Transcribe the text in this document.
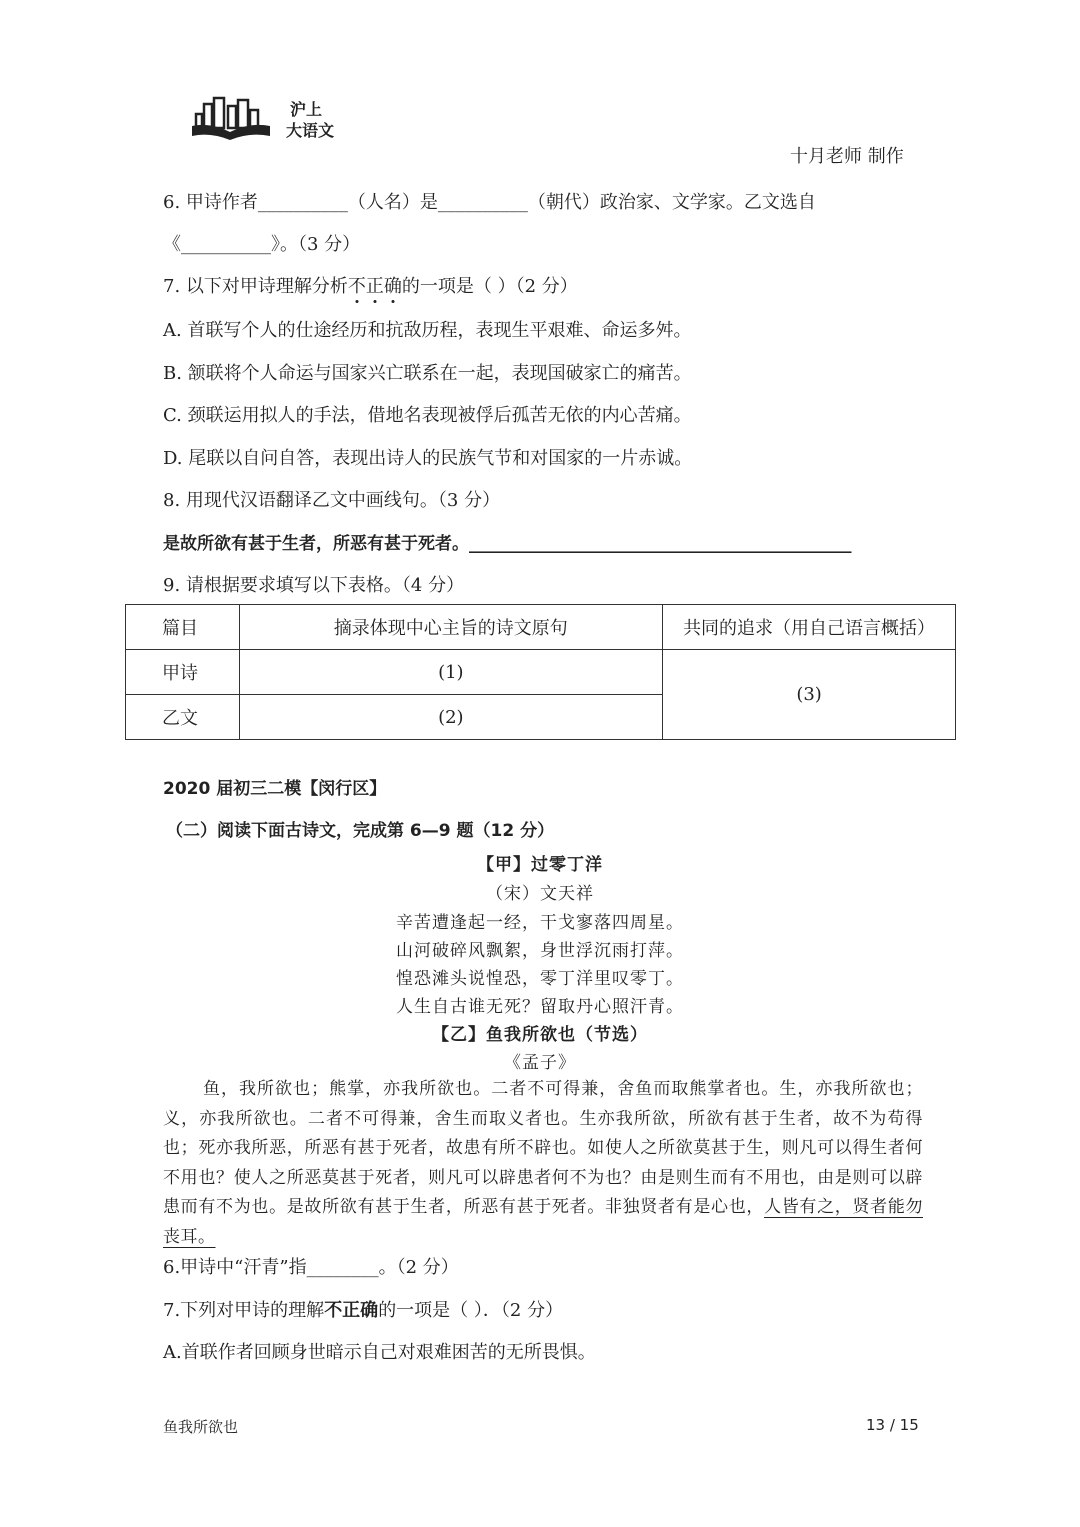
沪上
大语文
十月老师 制作
6. 甲诗作者__________（人名）是__________（朝代）政治家、文学家。乙文选自
《__________》。（3 分）
7. 以下对甲诗理解分析不正确的一项是（ ）（2 分）
A. 首联写个人的仕途经历和抗敌历程，表现生平艰难、命运多舛。
B. 颔联将个人命运与国家兴亡联系在一起，表现国破家亡的痛苦。
C. 颈联运用拟人的手法，借地名表现被俘后孤苦无依的内心苦痛。
D. 尾联以自问自答，表现出诗人的民族气节和对国家的一片赤诚。
8. 用现代汉语翻译乙文中画线句。（3 分）
是故所欲有甚于生者，所恶有甚于死者。_____________________________________________
9. 请根据要求填写以下表格。（4 分）
篇目	摘录体现中心主旨的诗文原句	共同的追求（用自己语言概括）
甲诗	(1)	(3)
乙文	(2)	
2020 届初三二模【闵行区】
（二）阅读下面古诗文，完成第 6—9 题（12 分）
【甲】过零丁洋
（宋）文天祥
辛苦遭逢起一经，干戈寥落四周星。
山河破碎风飘絮，身世浮沉雨打萍。
惶恐滩头说惶恐，零丁洋里叹零丁。
人生自古谁无死？留取丹心照汗青。
【乙】鱼我所欲也（节选）
《孟子》
鱼，我所欲也；熊掌，亦我所欲也。二者不可得兼，舍鱼而取熊掌者也。生，亦我所欲也；义，亦我所欲也。二者不可得兼，舍生而取义者也。生亦我所欲，所欲有甚于生者，故不为苟得也；死亦我所恶，所恶有甚于死者，故患有所不辟也。如使人之所欲莫甚于生，则凡可以得生者何不用也？使人之所恶莫甚于死者，则凡可以辟患者何不为也？由是则生而有不用也，由是则可以辟患而有不为也。是故所欲有甚于生者，所恶有甚于死者。非独贤者有是心也，人皆有之，贤者能勿丧耳。
6.甲诗中“汗青”指________。（2 分）
7.下列对甲诗的理解不正确的一项是（ ）．（2 分）
A.首联作者回顾身世暗示自己对艰难困苦的无所畏惧。
鱼我所欲也	13 / 15
